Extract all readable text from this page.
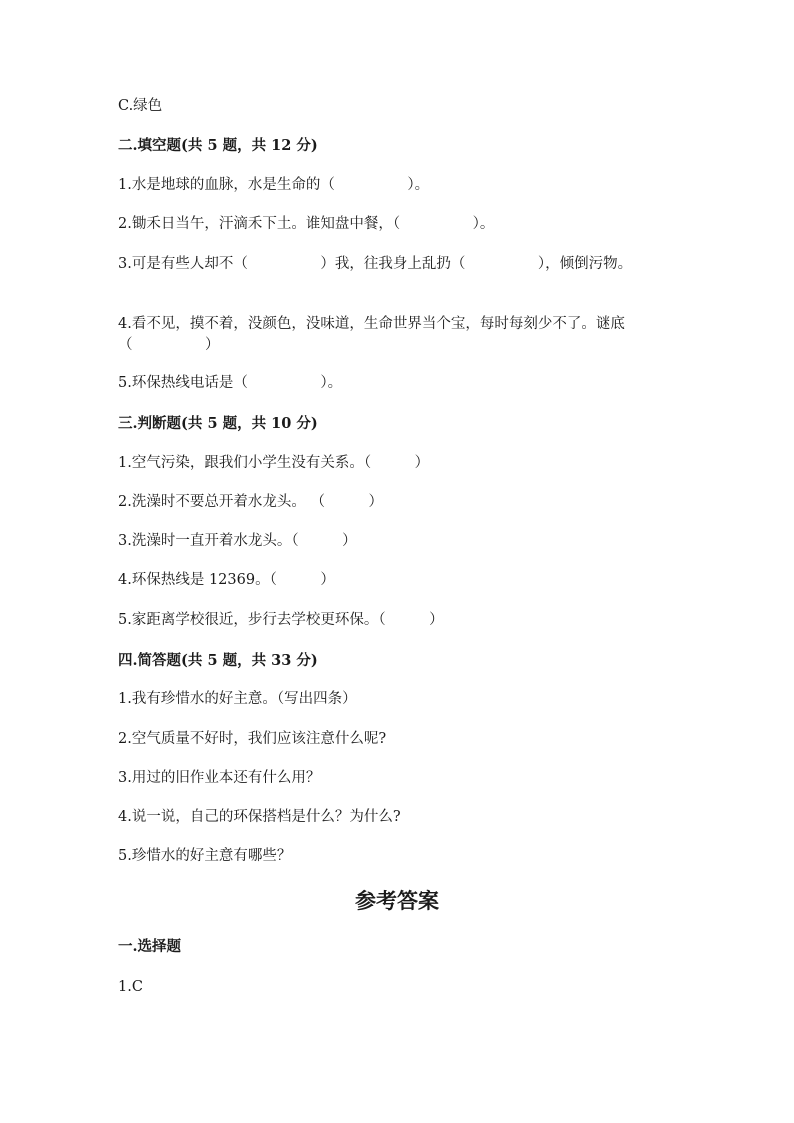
C.绿色
二.填空题(共 5 题，共 12 分)
1.水是地球的血脉，水是生命的（　　　　　）。
2.锄禾日当午，汗滴禾下土。谁知盘中餐，（　　　　　）。
3.可是有些人却不（　　　　　）我，往我身上乱扔（　　　　　），倾倒污物。
4.看不见，摸不着，没颜色，没味道，生命世界当个宝，每时每刻少不了。谜底（　　　　　）
5.环保热线电话是（　　　　　）。
三.判断题(共 5 题，共 10 分)
1.空气污染，跟我们小学生没有关系。（　　　）
2.洗澡时不要总开着水龙头。 （　　　）
3.洗澡时一直开着水龙头。（　　　）
4.环保热线是 12369。（　　　）
5.家距离学校很近，步行去学校更环保。（　　　）
四.简答题(共 5 题，共 33 分)
1.我有珍惜水的好主意。（写出四条）
2.空气质量不好时，我们应该注意什么呢?
3.用过的旧作业本还有什么用？
4.说一说，自己的环保搭档是什么？为什么?
5.珍惜水的好主意有哪些？
参考答案
一.选择题
1.C
